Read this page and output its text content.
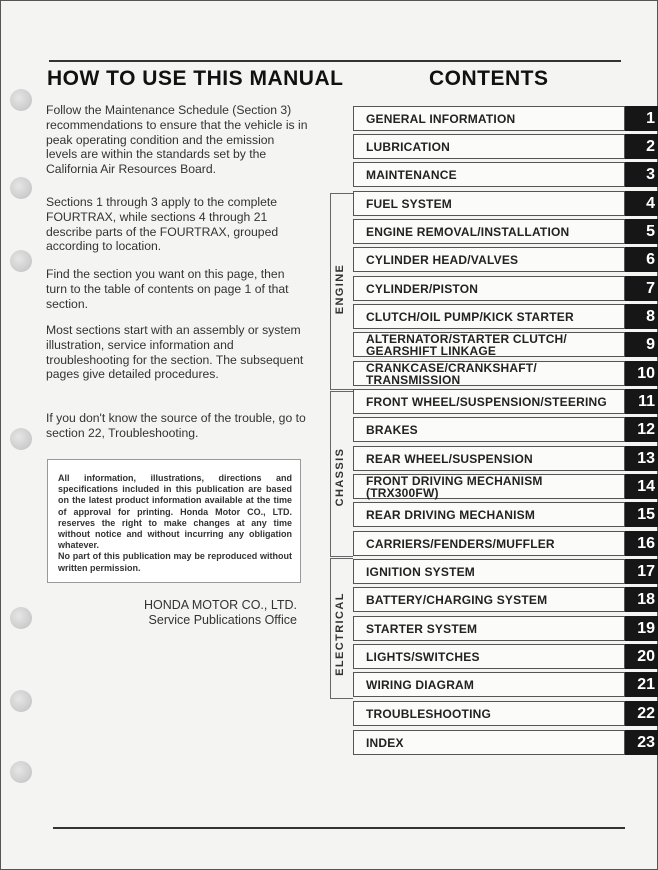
HOW TO USE THIS MANUAL
Follow the Maintenance Schedule (Section 3) recommendations to ensure that the vehicle is in peak operating condition and the emission levels are within the standards set by the California Air Resources Board.
Sections 1 through 3 apply to the complete FOURTRAX, while sections 4 through 21 describe parts of the FOURTRAX, grouped according to location.
Find the section you want on this page, then turn to the table of contents on page 1 of that section.
Most sections start with an assembly or system illustration, service information and troubleshooting for the section. The subsequent pages give detailed procedures.
If you don't know the source of the trouble, go to section 22, Troubleshooting.

All information, illustrations, directions and specifications included in this publication are based on the latest product information available at the time of approval for printing. Honda Motor CO., LTD. reserves the right to make changes at any time without notice and without incurring any obligation whatever.

No part of this publication may be reproduced without written permission.

HONDA MOTOR CO., LTD.
Service Publications Office
CONTENTS
ENGINE
CHASSIS
ELECTRICAL
GENERAL INFORMATION	1
LUBRICATION	2
MAINTENANCE	3
FUEL SYSTEM	4
ENGINE REMOVAL/INSTALLATION	5
CYLINDER HEAD/VALVES	6
CYLINDER/PISTON	7
CLUTCH/OIL PUMP/KICK STARTER	8
ALTERNATOR/STARTER CLUTCH/
GEARSHIFT LINKAGE	9
CRANKCASE/CRANKSHAFT/
TRANSMISSION	10
FRONT WHEEL/SUSPENSION/STEERING	11
BRAKES	12
REAR WHEEL/SUSPENSION	13
FRONT DRIVING MECHANISM
(TRX300FW)	14
REAR DRIVING MECHANISM	15
CARRIERS/FENDERS/MUFFLER	16
IGNITION SYSTEM	17
BATTERY/CHARGING SYSTEM	18
STARTER SYSTEM	19
LIGHTS/SWITCHES	20
WIRING DIAGRAM	21
TROUBLESHOOTING	22
INDEX	23
